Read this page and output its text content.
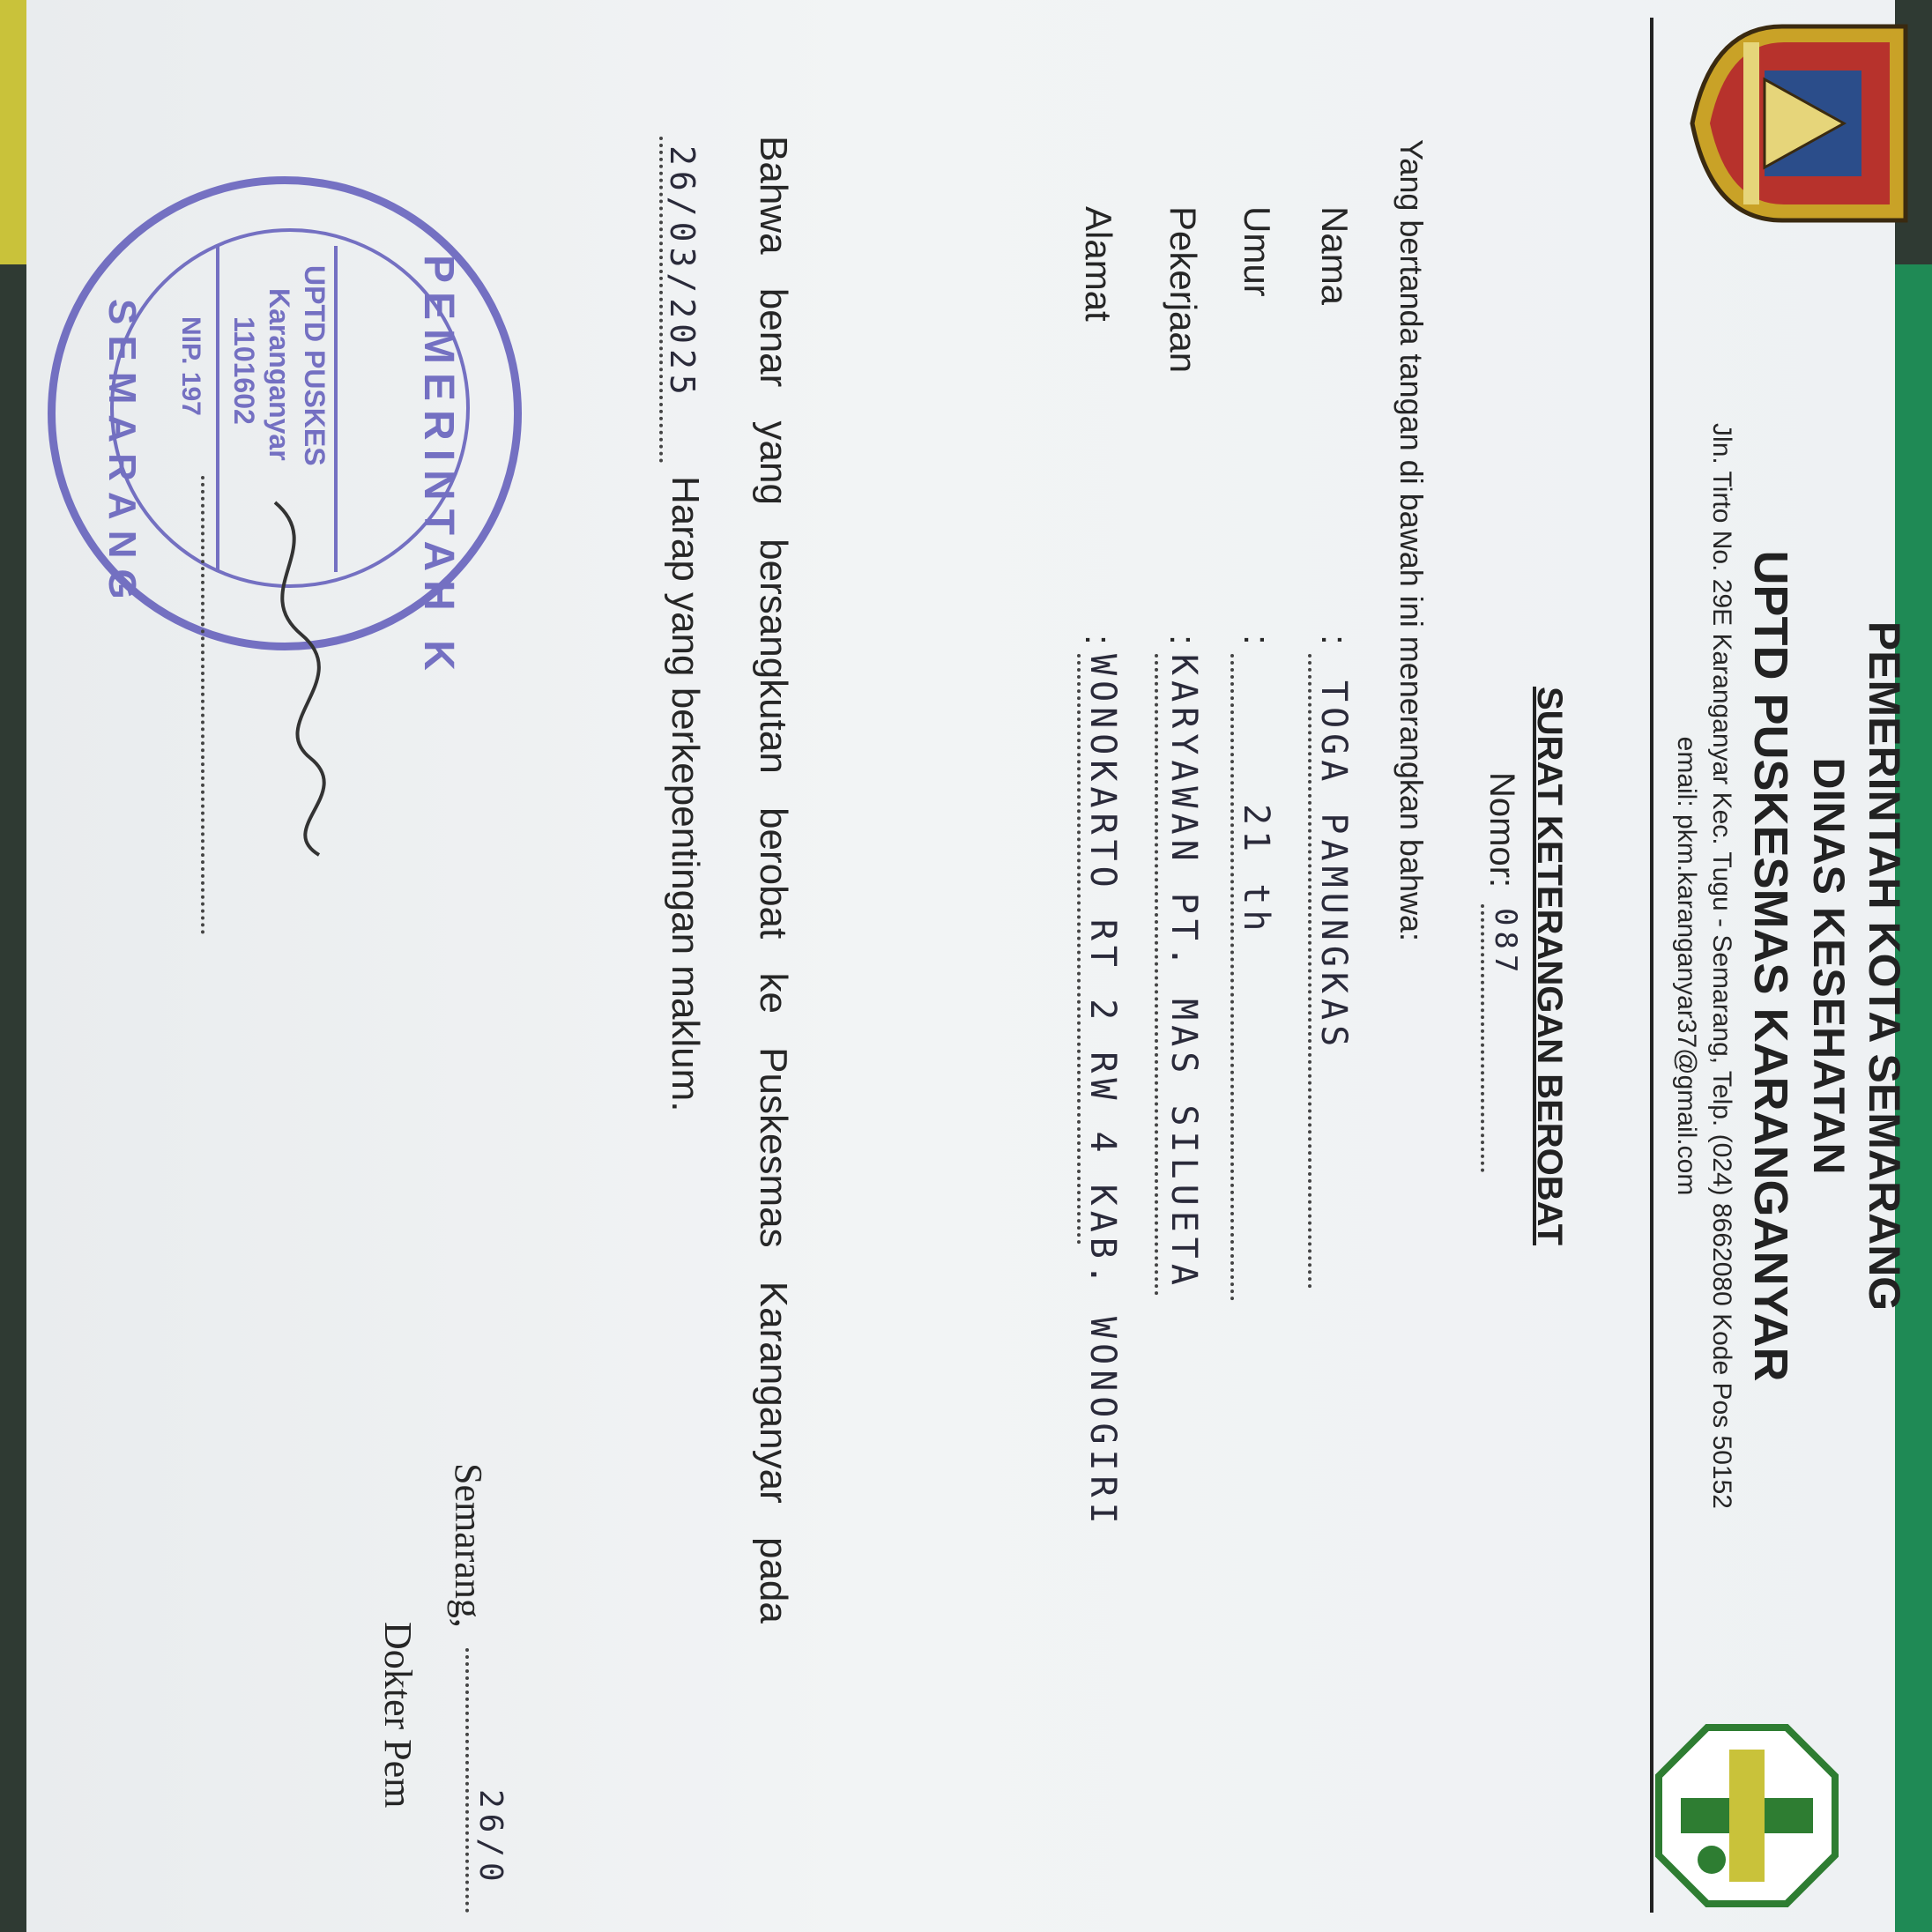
PEMERINTAH KOTA SEMARANG
DINAS KESEHATAN
UPTD PUSKESMAS KARANGANYAR
Jln. Tirto No. 29E Karanganyar Kec. Tugu - Semarang, Telp. (024) 8662080 Kode Pos 50152
email: pkm.karanganyar37@gmail.com
SURAT KETERANGAN BEROBAT
Nomor:
087
Yang bertanda tangan di bawah ini menerangkan bahwa:
Nama
:
TOGA PAMUNGKAS
Umur
:
21 th
Pekerjaan
:
KARYAWAN PT. MAS SILUETA
Alamat
:
WONOKARTO RT 2 RW 4 KAB. WONOGIRI
Bahwa benar yang bersangkutan berobat ke Puskesmas Karanganyar pada
26/03/2025
Harap yang berkepentingan maklum.
Semarang,
26/0
Dokter Pem
PEMERINTAH K
UPTD PUSKES
Karanganyar
1101602
NIP. 197
SEMARANG
